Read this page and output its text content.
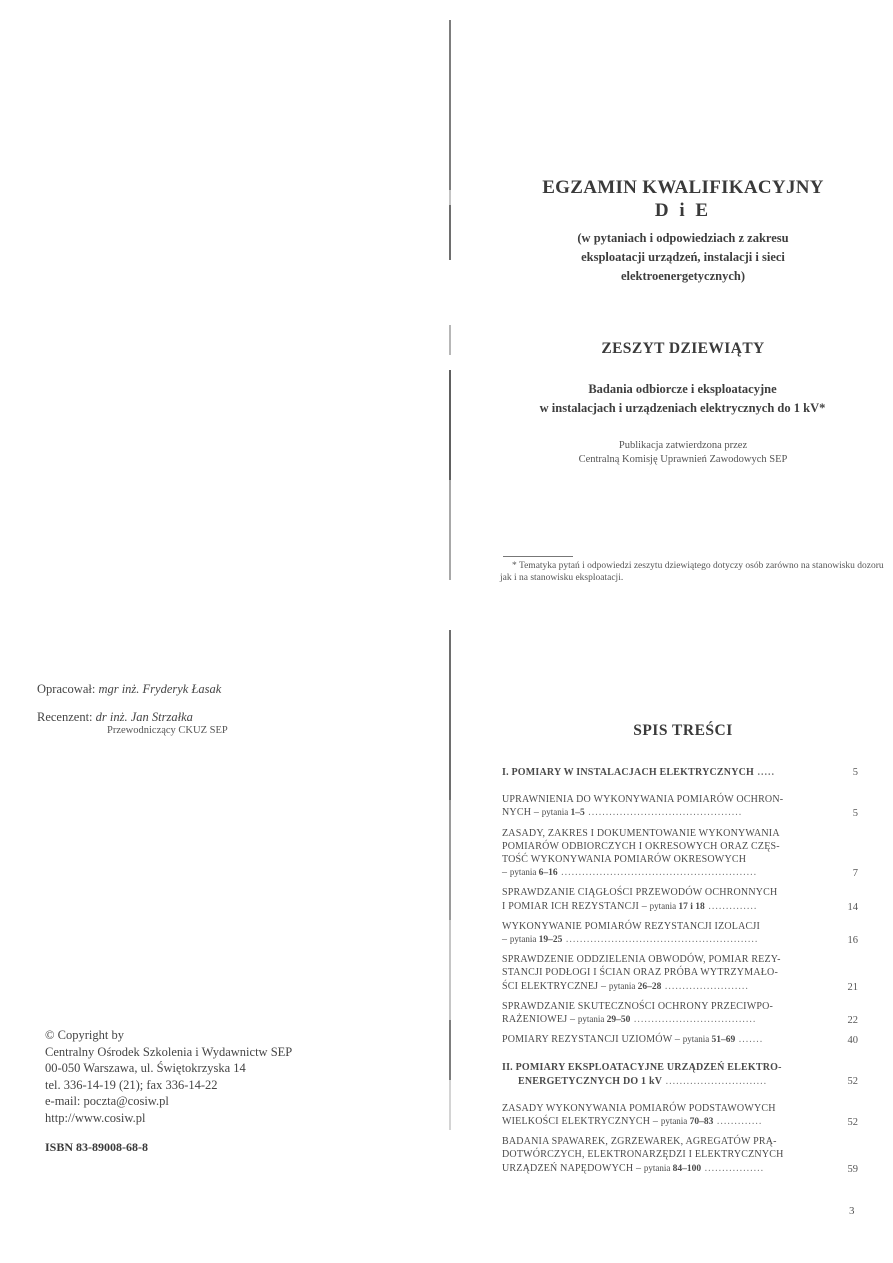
EGZAMIN KWALIFIKACYJNY
D i E
(w pytaniach i odpowiedziach z zakresu
eksploatacji urządzeń, instalacji i sieci
elektroenergetycznych)
ZESZYT DZIEWIĄTY
Badania odbiorcze i eksploatacyjne
w instalacjach i urządzeniach elektrycznych do 1 kV*
Publikacja zatwierdzona przez
Centralną Komisję Uprawnień Zawodowych SEP
* Tematyka pytań i odpowiedzi zeszytu dziewiątego dotyczy osób zarówno na stanowisku dozoru jak i na stanowisku eksploatacji.
Opracował: mgr inż. Fryderyk Łasak
Recenzent: dr inż. Jan Strzałka
Przewodniczący CKUZ SEP
© Copyright by
Centralny Ośrodek Szkolenia i Wydawnictw SEP
00-050 Warszawa, ul. Świętokrzyska 14
tel. 336-14-19 (21); fax 336-14-22
e-mail: poczta@cosiw.pl
http://www.cosiw.pl
ISBN 83-89008-68-8
SPIS TREŚCI
I. POMIARY W INSTALACJACH ELEKTRYCZNYCH .....	5
UPRAWNIENIA DO WYKONYWANIA POMIARÓW OCHRON-
NYCH – pytania 1–5 ............................................	5
ZASADY, ZAKRES I DOKUMENTOWANIE WYKONYWANIA
POMIARÓW ODBIORCZYCH I OKRESOWYCH ORAZ CZĘS-
TOŚĆ WYKONYWANIA POMIARÓW OKRESOWYCH
– pytania 6–16 ........................................................	7
SPRAWDZANIE CIĄGŁOŚCI PRZEWODÓW OCHRONNYCH
I POMIAR ICH REZYSTANCJI – pytania 17 i 18 ..............	14
WYKONYWANIE POMIARÓW REZYSTANCJI IZOLACJI
– pytania 19–25 .......................................................	16
SPRAWDZENIE ODDZIELENIA OBWODÓW, POMIAR REZY-
STANCJI PODŁOGI I ŚCIAN ORAZ PRÓBA WYTRZYMAŁO-
ŚCI ELEKTRYCZNEJ – pytania 26–28 ........................	21
SPRAWDZANIE SKUTECZNOŚCI OCHRONY PRZECIWPO-
RAŻENIOWEJ – pytania 29–50 ...................................	22
POMIARY REZYSTANCJI UZIOMÓW – pytania 51–69 .......	40
II. POMIARY EKSPLOATACYJNE URZĄDZEŃ ELEKTRO-
ENERGETYCZNYCH DO 1 kV .............................	52
ZASADY WYKONYWANIA POMIARÓW PODSTAWOWYCH
WIELKOŚCI ELEKTRYCZNYCH – pytania 70–83 .............	52
BADANIA SPAWAREK, ZGRZEWAREK, AGREGATÓW PRĄ-
DOTWÓRCZYCH, ELEKTRONARZĘDZI I ELEKTRYCZNYCH
URZĄDZEŃ NAPĘDOWYCH – pytania 84–100 .................	59
3
